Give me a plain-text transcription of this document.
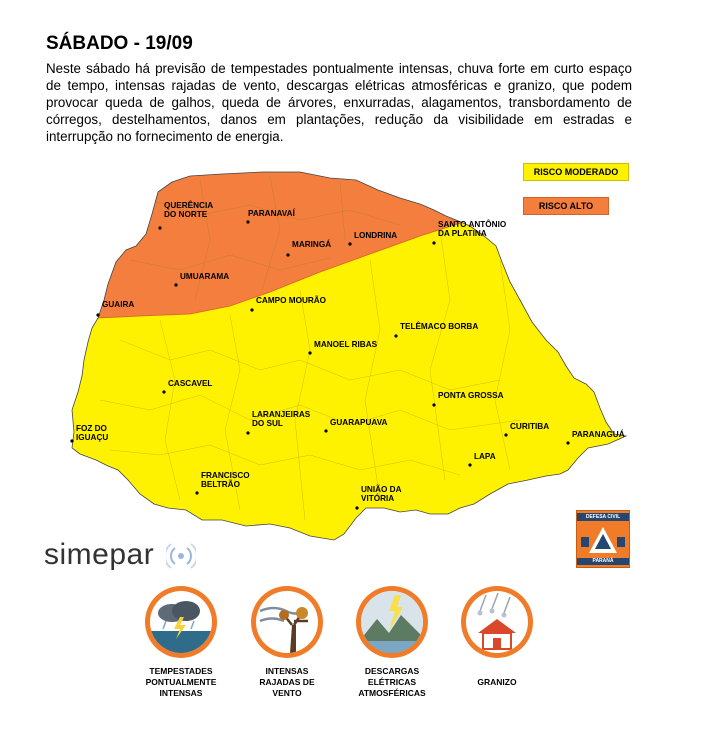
SÁBADO - 19/09
Neste sábado há previsão de tempestades pontualmente intensas, chuva forte em curto espaço de tempo, intensas rajadas de vento, descargas elétricas atmosféricas e granizo, que podem provocar queda de galhos, queda de árvores, enxurradas, alagamentos, transbordamento de córregos, destelhamentos, danos em plantações, redução da visibilidade em estradas e interrupção no fornecimento de energia.
RISCO MODERADO
RISCO ALTO
QUERÊNCIA
DO NORTE	PARANAVAÍ
MARINGÁ
LONDRINA
SANTO ANTÔNIO
DA PLATINA
UMUARAMA
GUAIRA	CAMPO MOURÃO
TELÊMACO BORBA
MANOEL RIBAS
CASCAVEL
PONTA GROSSA
FOZ DO
IGUAÇU
LARANJEIRAS
DO SUL	GUARAPUAVA	CURITIBA
PARANAGUÁ
LAPA
FRANCISCO
BELTRÃO
UNIÃO DA
VITÓRIA
simepar
DEFESA CIVIL
PARANÁ
TEMPESTADES
PONTUALMENTE
INTENSAS
INTENSAS
RAJADAS DE
VENTO
DESCARGAS
ELÉTRICAS
ATMOSFÉRICAS
GRANIZO
